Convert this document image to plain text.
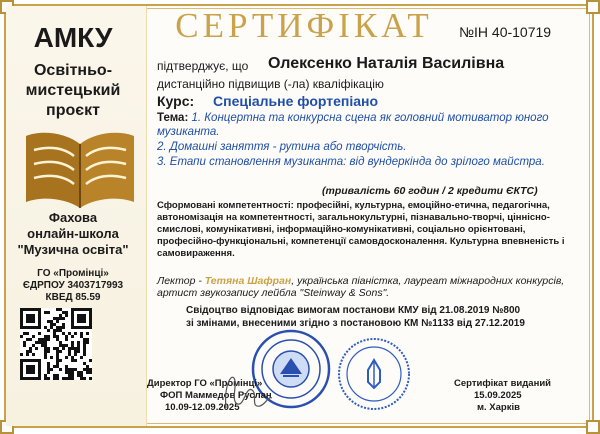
АМКУ
Освітньо-
мистецький
проєкт
Фахова
онлайн-школа
"Музична освіта"
ГО «Промінці»
ЄДРПОУ 3403717993
КВЕД 85.59
СЕРТИФІКАТ	№ІН 40-10719
підтверджує, що Олексенко Наталія Василівна
дистанційно підвищив (-ла) кваліфікацію
Курс: Спеціальне фортепіано
Тема: 1. Концертна та конкурсна сцена як головний мотиватор юного музиканта.
2. Домашні заняття - рутина або творчість.
3. Етапи становлення музиканта: від вундеркінда до зрілого майстра.
(тривалість 60 годин / 2 кредити ЄКТС)
Сформовані компетентності: професійні, культурна, емоційно-етична, педагогічна, автономізація на компетентності, загальнокультурні, пізнавально-творчі, ціннісно-смислові, комунікативні, інформаційно-комунікативні, соціально орієнтовані, професійно-функціональні, компетенції самовдосконалення. Культурна впевненість і самовираження.
Лектор - Тетяна Шафран, українська піаністка, лауреат міжнародних конкурсів, артист звукозапису лейбла "Steinway & Sons".
Свідоцтво відповідає вимогам постанови КМУ від 21.08.2019 №800
зі змінами, внесеними згідно з постановою КМ №1133 від 27.12.2019
Директор ГО «Промінці»
ФОП Маммедов Руслан
10.09-12.09.2025
Сертифікат виданий
15.09.2025
м. Харків
